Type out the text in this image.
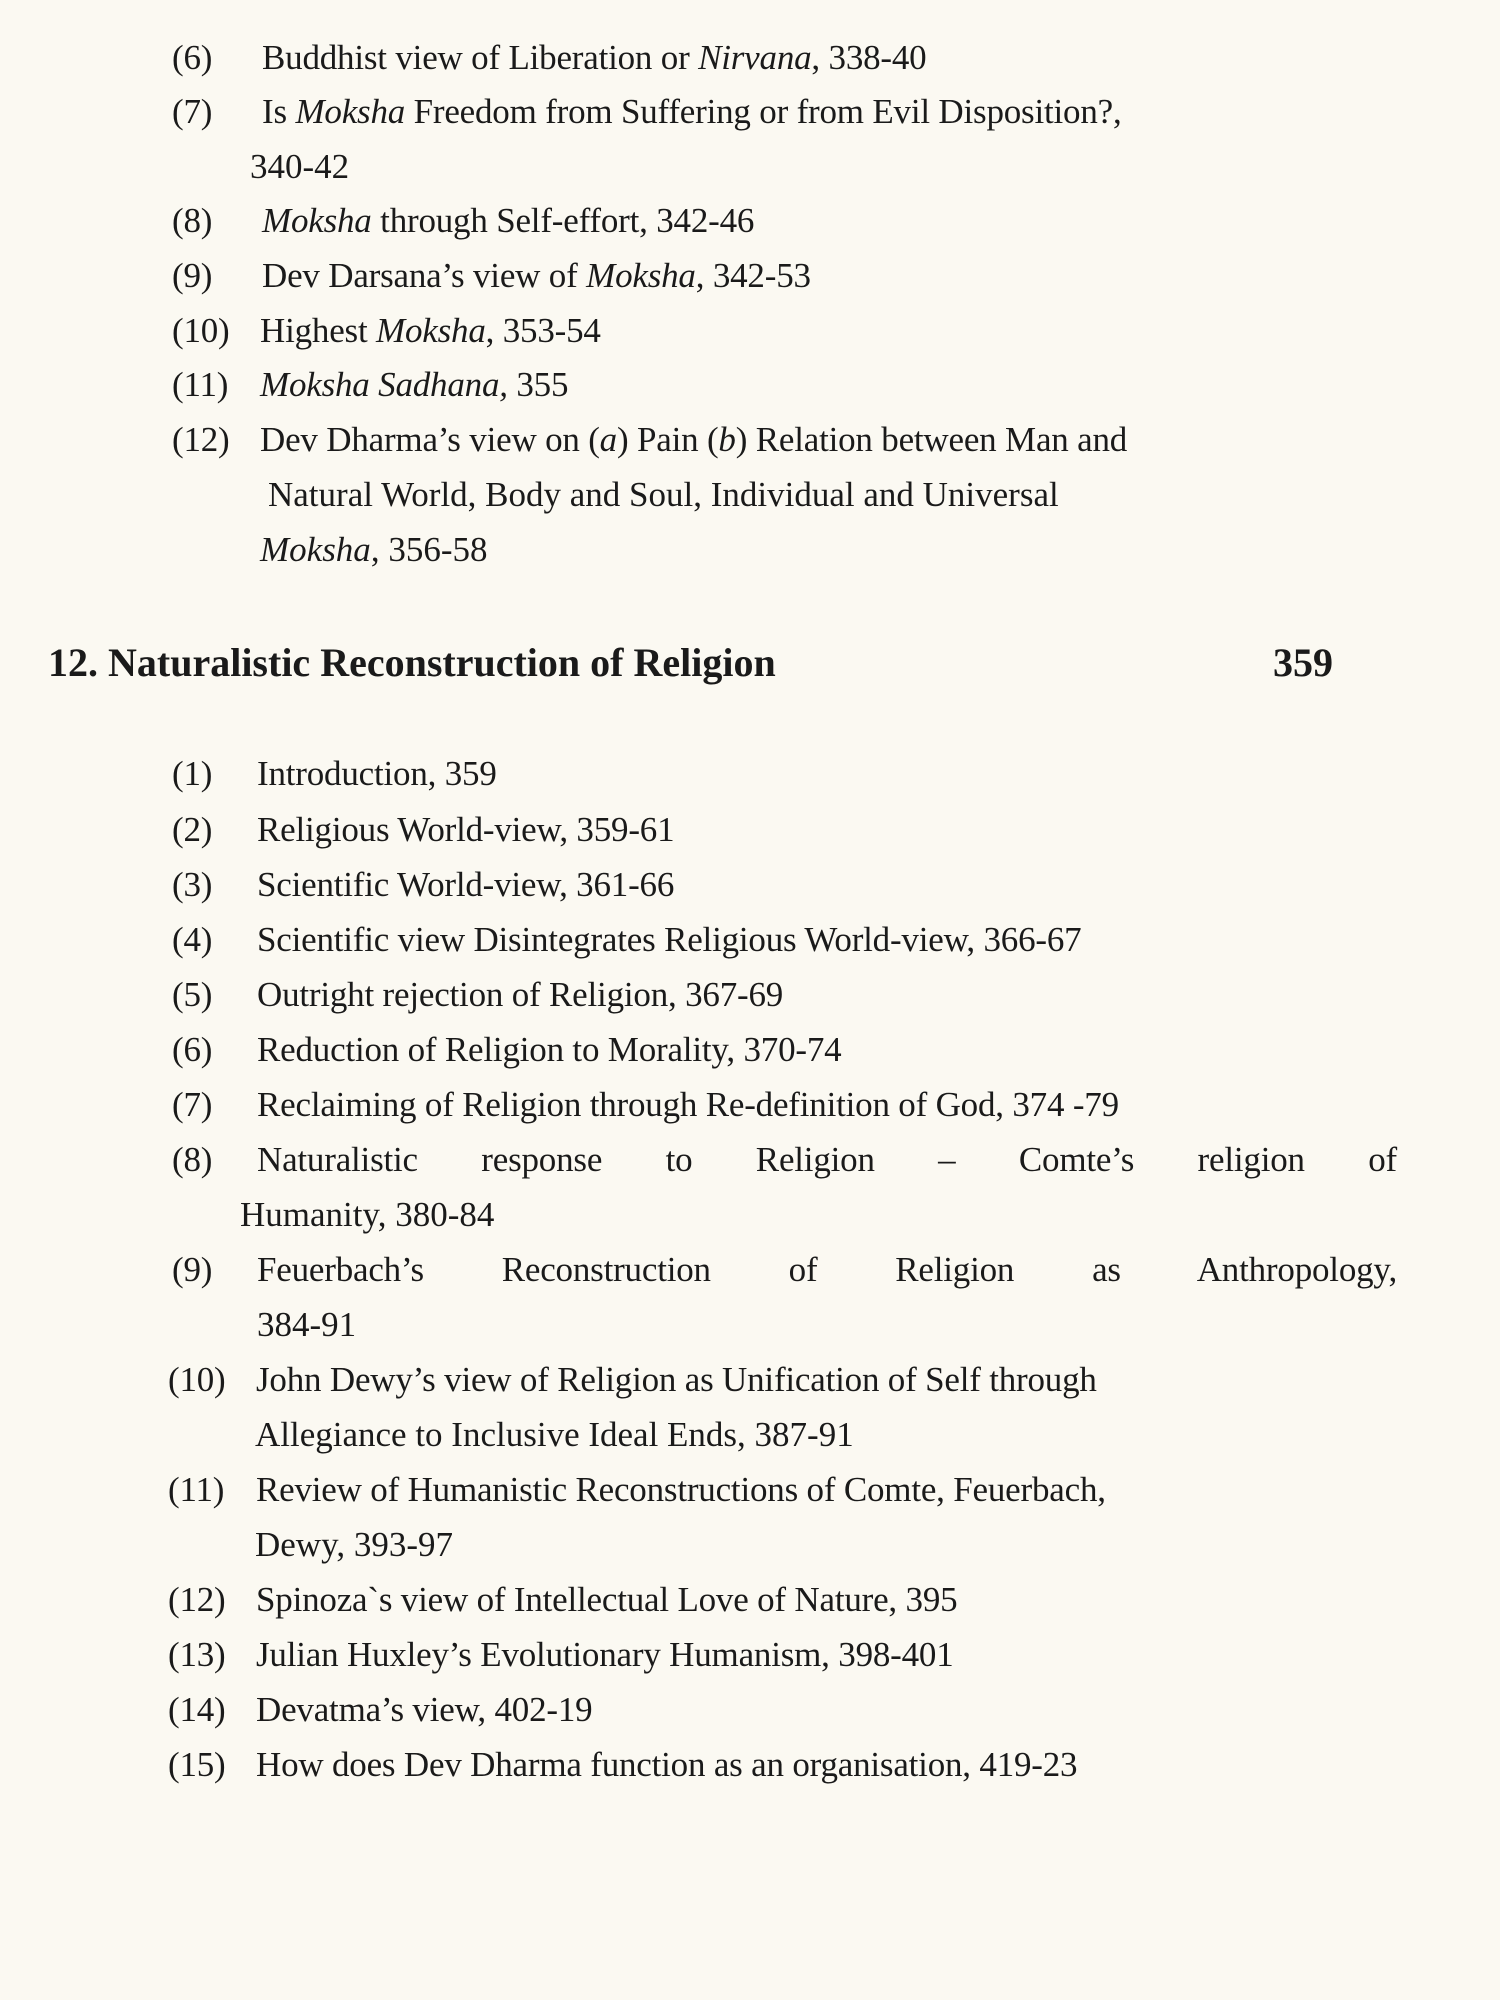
(6) Buddhist view of Liberation or Nirvana, 338-40
(7) Is Moksha Freedom from Suffering or from Evil Disposition?,
340-42
(8) Moksha through Self-effort, 342-46
(9) Dev Darsana’s view of Moksha, 342-53
(10) Highest Moksha, 353-54
(11) Moksha Sadhana, 355
(12) Dev Dharma’s view on (a) Pain (b) Relation between Man and
Natural World, Body and Soul, Individual and Universal
Moksha, 356-58
12. Naturalistic Reconstruction of Religion	359
(1) Introduction, 359
(2) Religious World-view, 359-61
(3) Scientific World-view, 361-66
(4) Scientific view Disintegrates Religious World-view, 366-67
(5) Outright rejection of Religion, 367-69
(6) Reduction of Religion to Morality, 370-74
(7) Reclaiming of Religion through Re-definition of God, 374 -79
(8)	Naturalistic response to Religion – Comte’s religion of
Humanity, 380-84
(9)	Feuerbach’s Reconstruction of Religion as Anthropology,
384-91
(10) John Dewy’s view of Religion as Unification of Self through
Allegiance to Inclusive Ideal Ends, 387-91
(11) Review of Humanistic Reconstructions of Comte, Feuerbach,
Dewy, 393-97
(12) Spinoza`s view of Intellectual Love of Nature, 395
(13) Julian Huxley’s Evolutionary Humanism, 398-401
(14) Devatma’s view, 402-19
(15) How does Dev Dharma function as an organisation, 419-23
